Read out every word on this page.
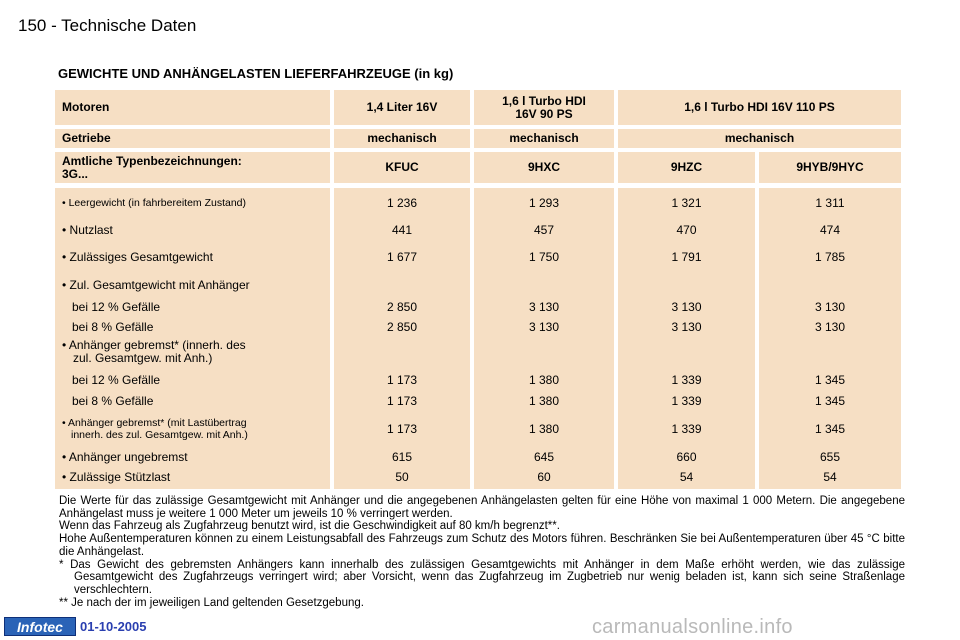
150 - Technische Daten
GEWICHTE UND ANHÄNGELASTEN LIEFERFAHRZEUGE (in kg)
Motoren	1,4 Liter 16V	1,6 l Turbo HDI
16V 90 PS	1,6 l Turbo HDI 16V 110 PS
Getriebe	mechanisch	mechanisch	mechanisch
Amtliche Typenbezeichnungen:
3G...	KFUC	9HXC	9HZC	9HYB/9HYC
• Leergewicht (in fahrbereitem Zustand)	1 236	1 293	1 321	1 311
• Nutzlast	441	457	470	474
• Zulässiges Gesamtgewicht	1 677	1 750	1 791	1 785
• Zul. Gesamtgewicht mit Anhänger
bei 12 % Gefälle	2 850	3 130	3 130	3 130
bei 8 % Gefälle	2 850	3 130	3 130	3 130
• Anhänger gebremst* (innerh. des
zul. Gesamtgew. mit Anh.)
bei 12 % Gefälle	1 173	1 380	1 339	1 345
bei 8 % Gefälle	1 173	1 380	1 339	1 345
• Anhänger gebremst* (mit Lastübertrag
innerh. des zul. Gesamtgew. mit Anh.)	1 173	1 380	1 339	1 345
• Anhänger ungebremst	615	645	660	655
• Zulässige Stützlast	50	60	54	54

Die Werte für das zulässige Gesamtgewicht mit Anhänger und die angegebenen Anhängelasten gelten für eine Höhe von maximal 1 000 Metern. Die angegebene Anhängelast muss je weitere 1 000 Meter um jeweils 10 % verringert werden.

Wenn das Fahrzeug als Zugfahrzeug benutzt wird, ist die Geschwindigkeit auf 80 km/h begrenzt**.

Hohe Außentemperaturen können zu einem Leistungsabfall des Fahrzeugs zum Schutz des Motors führen. Beschränken Sie bei Außentemperaturen über 45 °C bitte die Anhängelast.

* Das Gewicht des gebremsten Anhängers kann innerhalb des zulässigen Gesamtgewichts mit Anhänger in dem Maße erhöht werden, wie das zulässige Gesamtgewicht des Zugfahrzeugs verringert wird; aber Vorsicht, wenn das Zugfahrzeug im Zugbetrieb nur wenig beladen ist, kann sich seine Straßenlage verschlechtern.

** Je nach der im jeweiligen Land geltenden Gesetzgebung.

Infotec	01-10-2005	carmanualsonline.info
